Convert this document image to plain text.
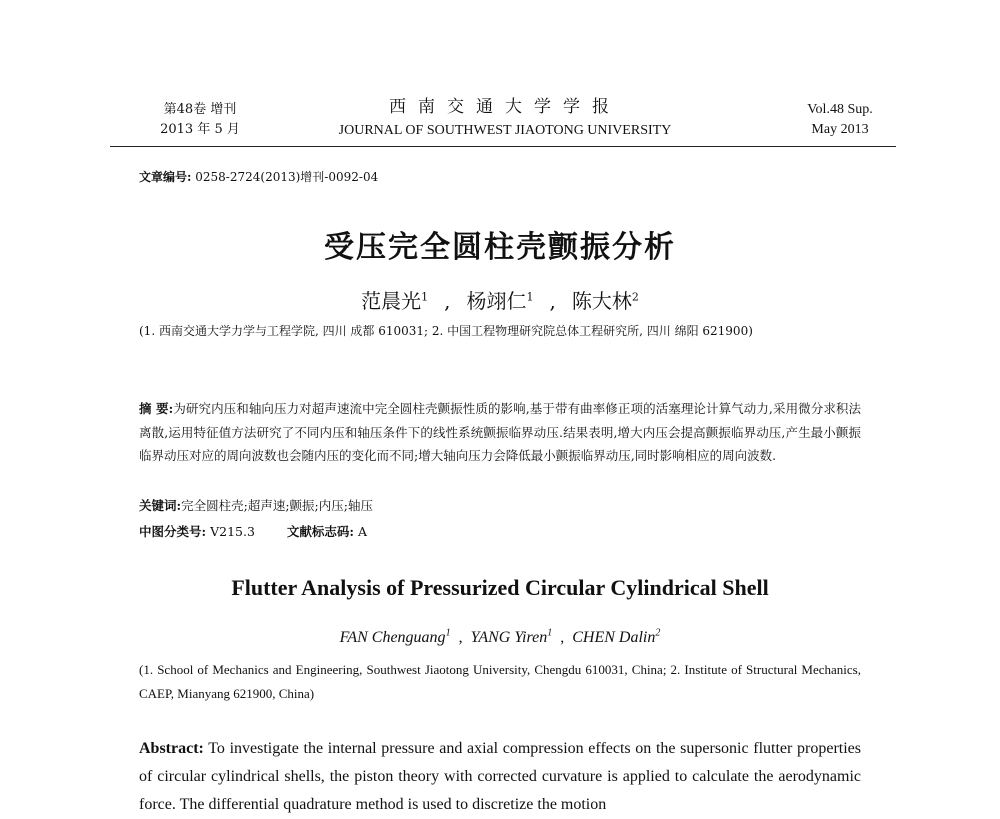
第48卷 增刊
2013 年 5 月
西南交通大学学报
JOURNAL OF SOUTHWEST JIAOTONG UNIVERSITY
Vol.48 Sup.
May 2013
文章编号: 0258-2724(2013)增刊-0092-04
受压完全圆柱壳颤振分析
范晨光$^1$ , 杨翊仁$^1$ , 陈大林$^2$
(1. 西南交通大学力学与工程学院, 四川 成都 610031; 2. 中国工程物理研究院总体工程研究所, 四川 绵阳 621900)
摘 要:为研究内压和轴向压力对超声速流中完全圆柱壳颤振性质的影响,基于带有曲率修正项的活塞理论计算气动力,采用微分求积法离散,运用特征值方法研究了不同内压和轴压条件下的线性系统颤振临界动压.结果表明,增大内压会提高颤振临界动压,产生最小颤振临界动压对应的周向波数也会随内压的变化而不同;增大轴向压力会降低最小颤振临界动压,同时影响相应的周向波数.
关键词:完全圆柱壳;超声速;颤振;内压;轴压
中图分类号: V215.3	文献标志码: A
Flutter Analysis of Pressurized Circular Cylindrical Shell
FAN Chenguang$^1$ , YANG Yiren$^1$ , CHEN Dalin$^2$
(1. School of Mechanics and Engineering, Southwest Jiaotong University, Chengdu 610031, China; 2. Institute of Structural Mechanics, CAEP, Mianyang 621900, China)
Abstract: To investigate the internal pressure and axial compression effects on the supersonic flutter properties of circular cylindrical shells, the piston theory with corrected curvature is applied to calculate the aerodynamic force. The differential quadrature method is used to discretize the motion
